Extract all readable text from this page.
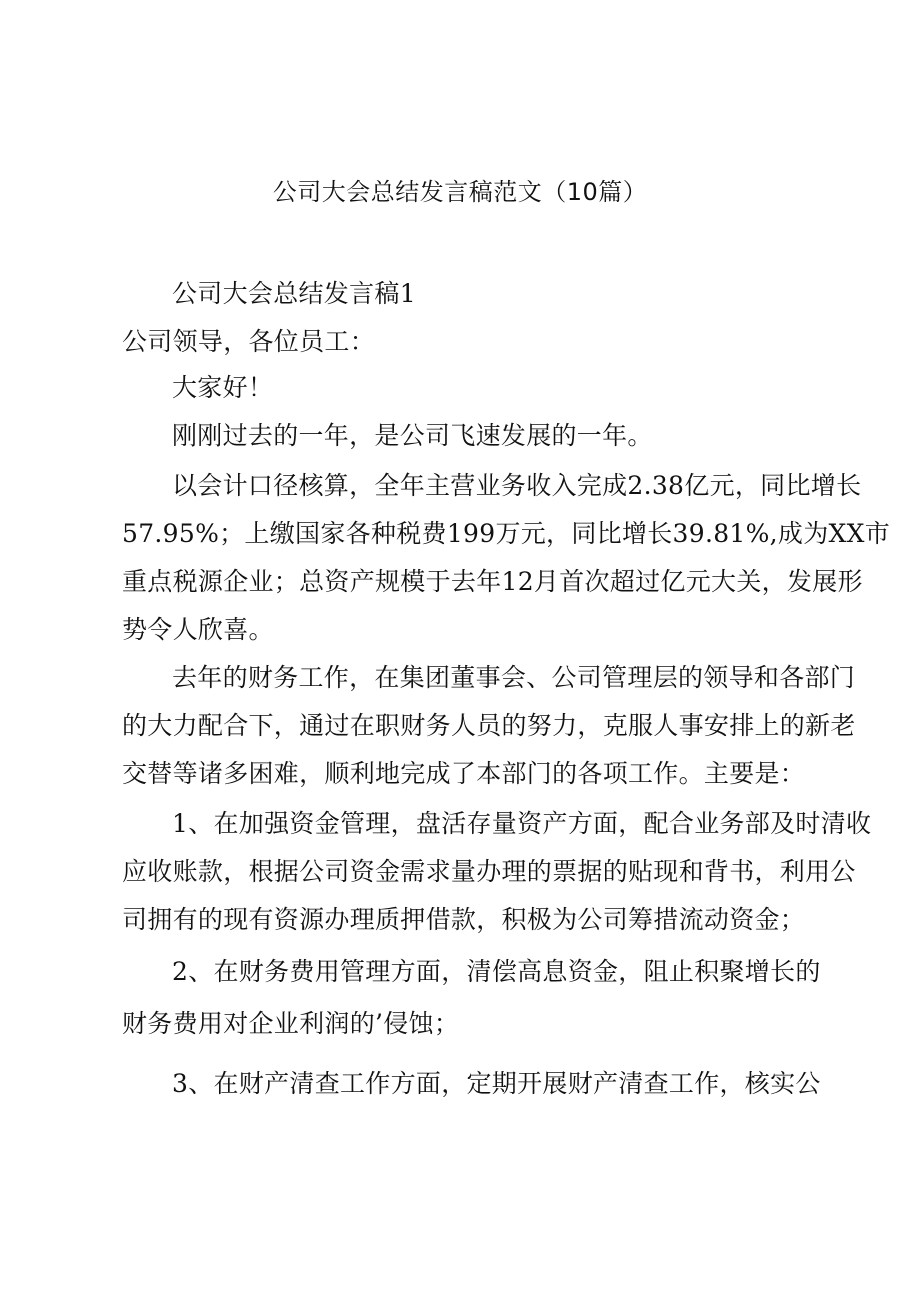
公司大会总结发言稿范文（10篇）
公司大会总结发言稿1
公司领导，各位员工：
大家好！
刚刚过去的一年，是公司飞速发展的一年。
以会计口径核算，全年主营业务收入完成2.38亿元，同比增长
57.95%；上缴国家各种税费199万元，同比增长39.81%,成为XX市
重点税源企业；总资产规模于去年12月首次超过亿元大关，发展形
势令人欣喜。
去年的财务工作，在集团董事会、公司管理层的领导和各部门
的大力配合下，通过在职财务人员的努力，克服人事安排上的新老
交替等诸多困难，顺利地完成了本部门的各项工作。主要是：
1、在加强资金管理，盘活存量资产方面，配合业务部及时清收
应收账款，根据公司资金需求量办理的票据的贴现和背书，利用公
司拥有的现有资源办理质押借款，积极为公司筹措流动资金；
2、在财务费用管理方面，清偿高息资金，阻止积聚增长的
财务费用对企业利润的’侵蚀；
3、在财产清查工作方面，定期开展财产清查工作，核实公
